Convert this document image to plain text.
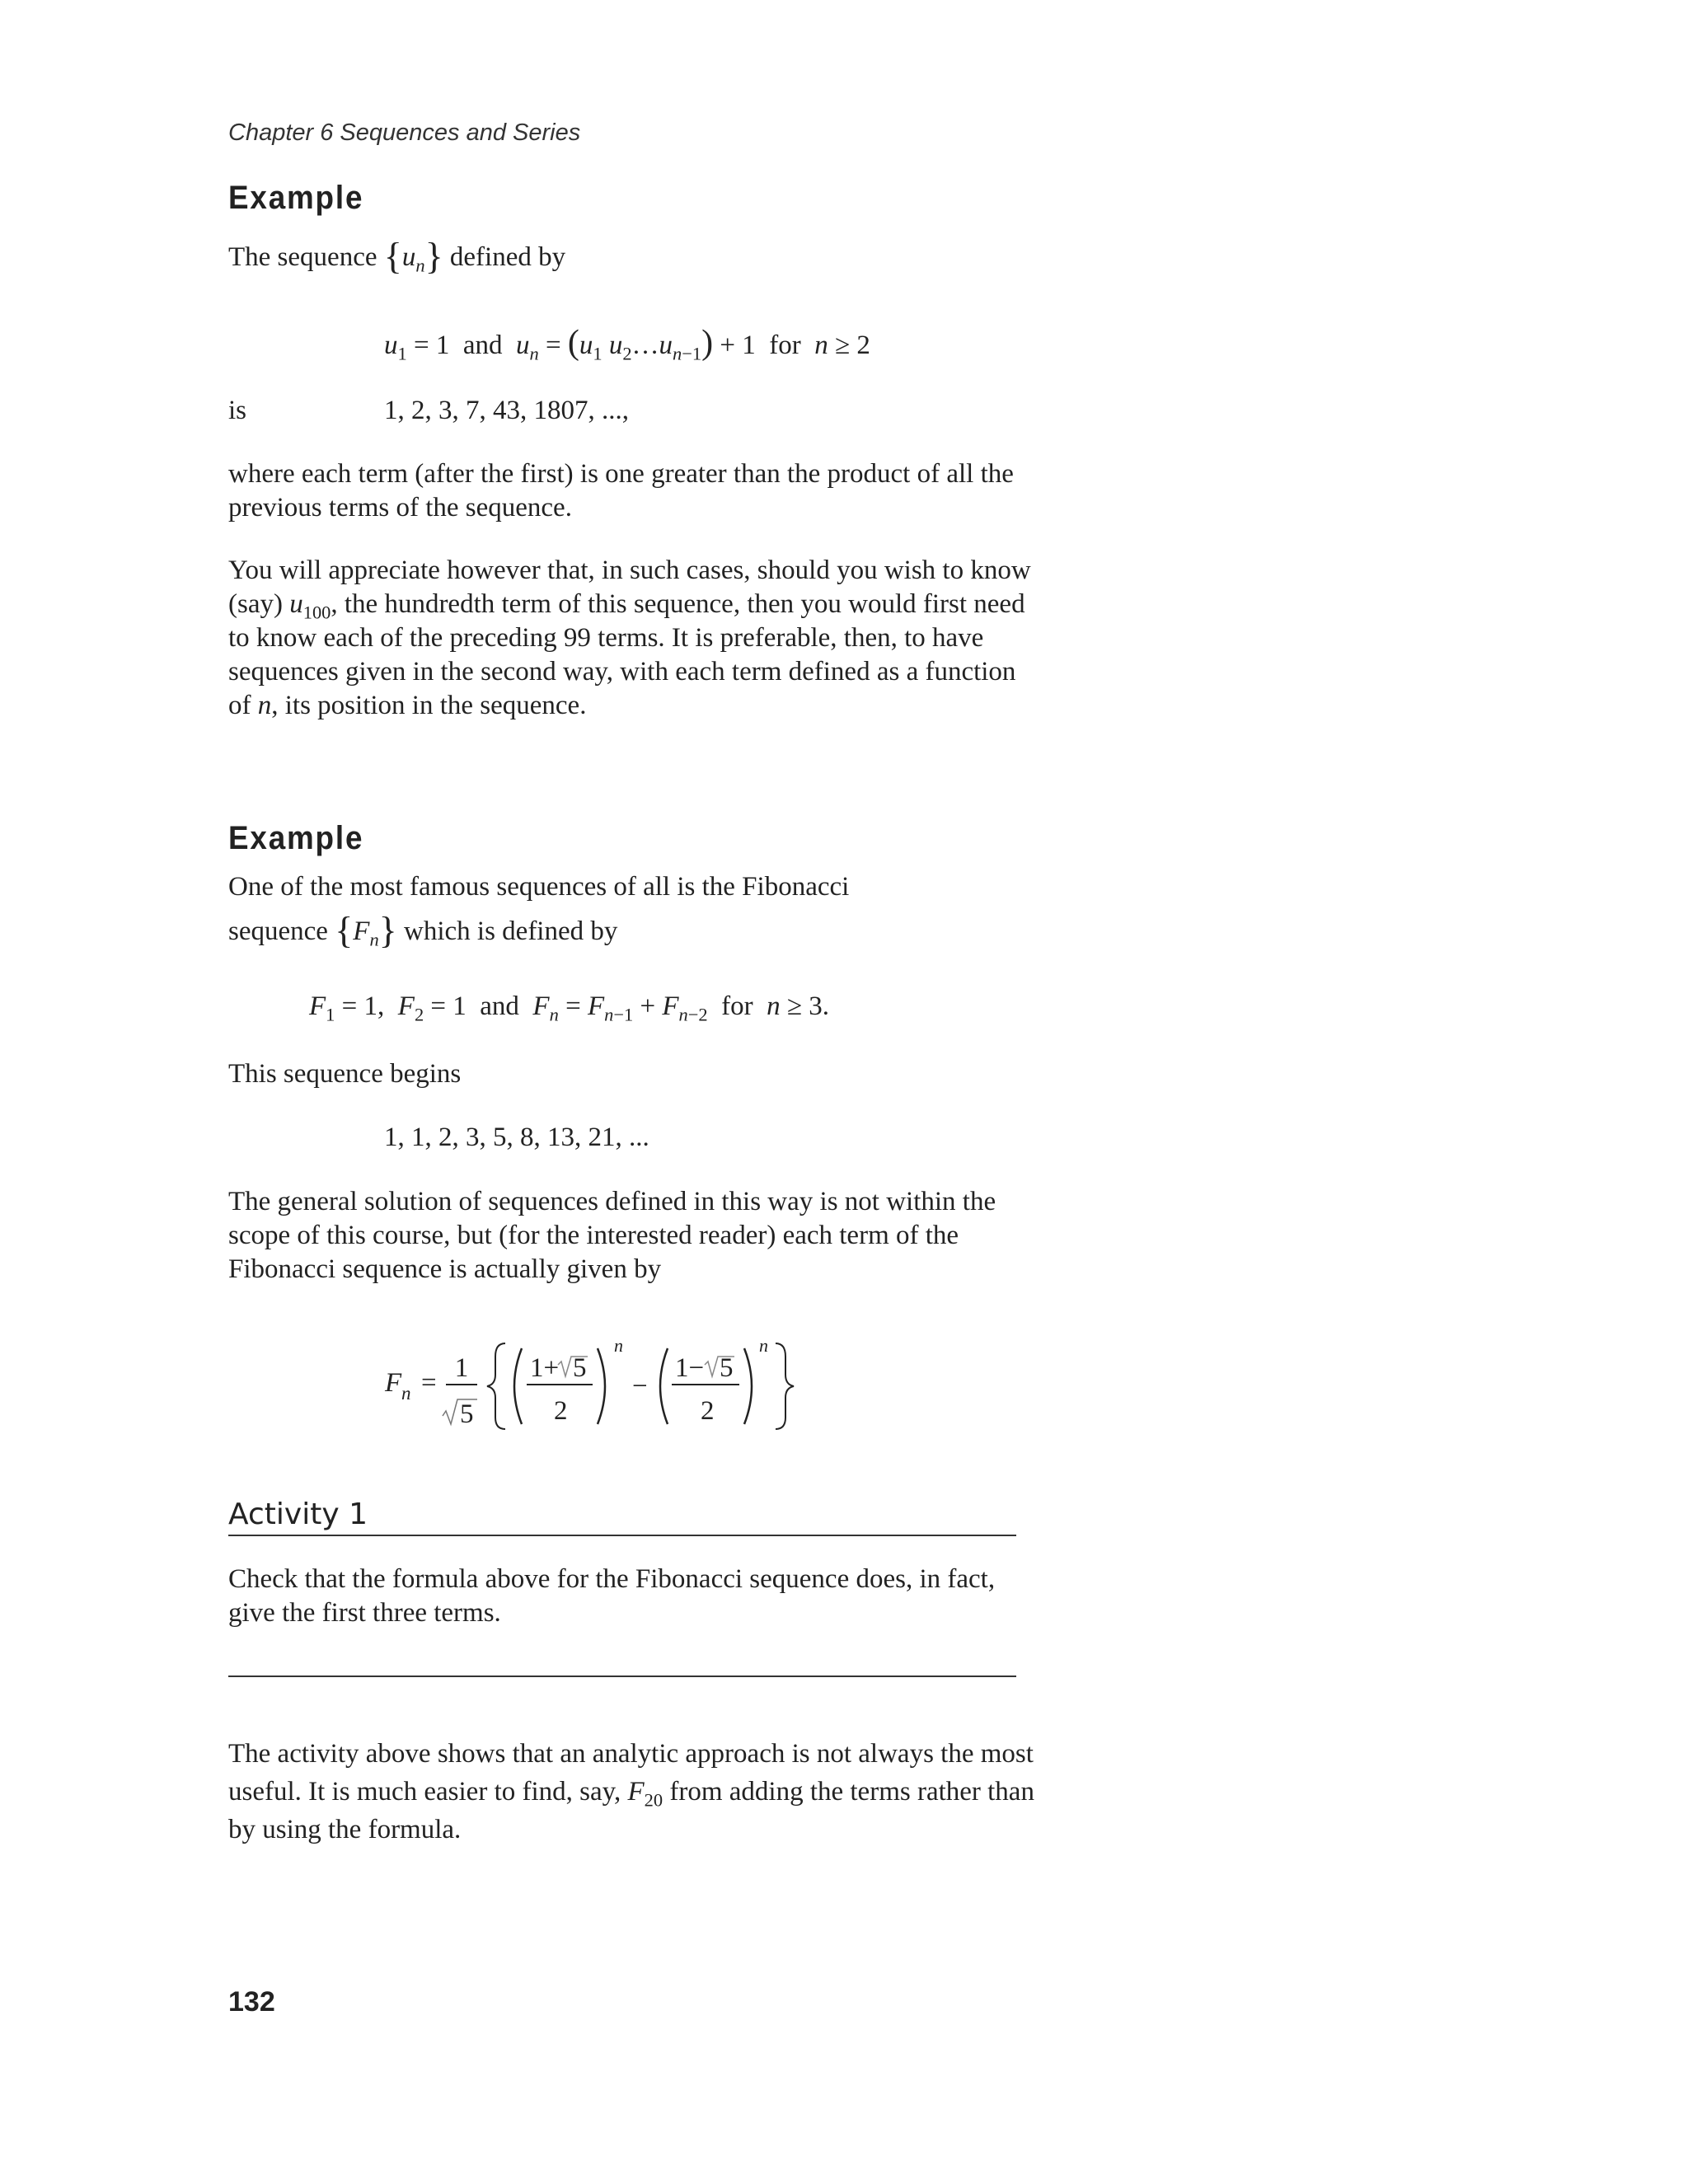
Chapter 6 Sequences and Series
Example

The sequence $\{u_n\}$ defined by

$u_1 = 1$  and $u_n = (u_1$ $u_2\dots u_{n-1}) + 1$  for n ≥ 2
is	1, 2, 3, 7, 43, 1807, ...,

where each term (after the first) is one greater than the product of all the previous terms of the sequence.

You will appreciate however that, in such cases, should you wish to know (say) $u_{100}$, the hundredth term of this sequence, then you would first need to know each of the preceding 99 terms. It is preferable, then, to have sequences given in the second way, with each term defined as a function of n, its position in the sequence.

Example

One of the most famous sequences of all is the Fibonacci

sequence $\{F_n\}$ which is defined by

$F_1 = 1$,  $F_2 = 1$  and  $F_n = F_{n-1} + F_{n-2}$  for  n ≥ 3.

This sequence begins

1, 1, 2, 3, 5, 8, 13, 21, ...

The general solution of sequences defined in this way is not within the scope of this course, but (for the interested reader) each term of the Fibonacci sequence is actually given by

F n = 1
5
1+ 5
2
n
−
1− 5
2
n
Activity 1

Check that the formula above for the Fibonacci sequence does, in fact, give the first three terms.

The activity above shows that an analytic approach is not always the most useful. It is much easier to find, say, $F_{20}$ from adding the terms rather than by using the formula.

132
